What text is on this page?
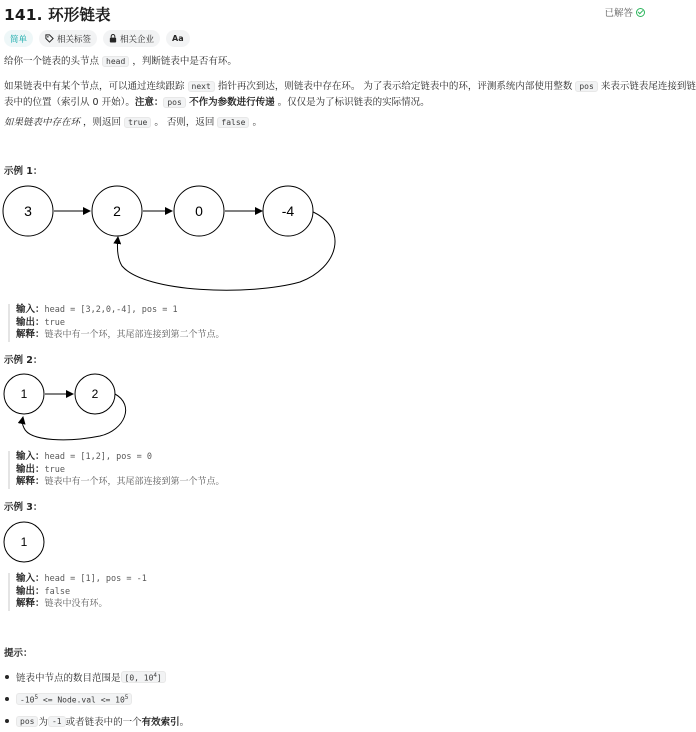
141. 环形链表	已解答
简单	相关标签	相关企业 Aa
给你一个链表的头节点 head ，判断链表中是否有环。
如果链表中有某个节点，可以通过连续跟踪 next 指针再次到达，则链表中存在环。 为了表示给定链表中的环，评测系统内部使用整数 pos 来表示链表尾连接到链
表中的位置（索引从 0 开始）。注意： pos 不作为参数进行传递 。仅仅是为了标识链表的实际情况。
如果链表中存在环 ，则返回 true 。 否则，返回 false 。
示例 1：
3	2	0	-4
输入：head = [3,2,0,-4], pos = 1
输出：true
解释：链表中有一个环，其尾部连接到第二个节点。
示例 2：
1	2
输入：head = [1,2], pos = 0
输出：true
解释：链表中有一个环，其尾部连接到第一个节点。
示例 3：
1
输入：head = [1], pos = -1
输出：false
解释：链表中没有环。
提示：
链表中节点的数目范围是 [0, $10^4$]
$-10^5$ <= Node.val <= $10^5$
pos 为 -1 或者链表中的一个 有效索引 。
